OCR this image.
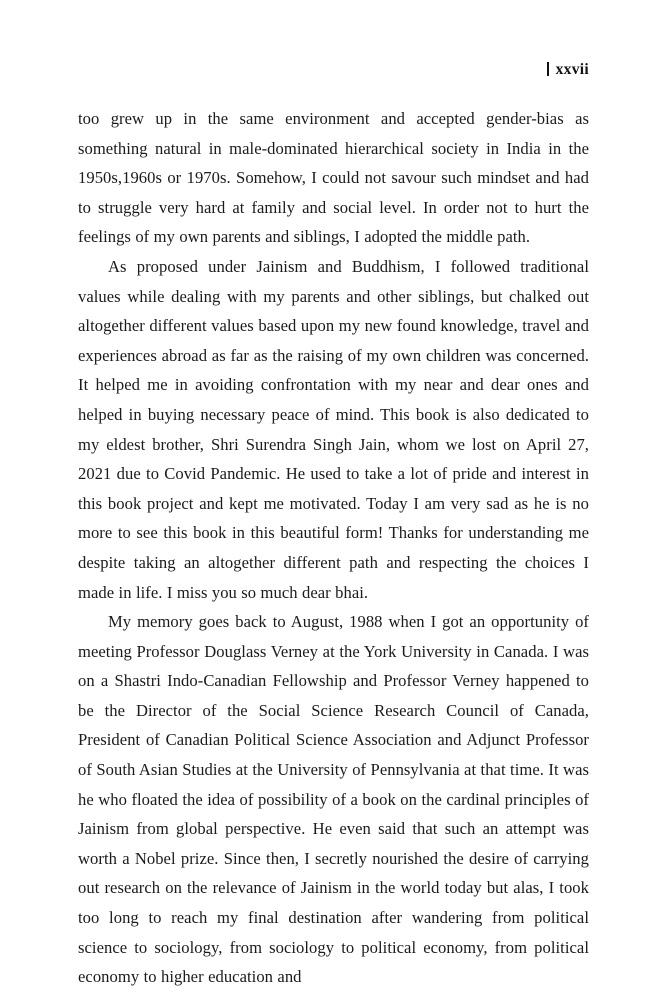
xxvii

too grew up in the same environment and accepted gender-bias as something natural in male-dominated hierarchical society in India in the 1950s,1960s or 1970s. Somehow, I could not savour such mindset and had to struggle very hard at family and social level. In order not to hurt the feelings of my own parents and siblings, I adopted the middle path.

As proposed under Jainism and Buddhism, I followed traditional values while dealing with my parents and other siblings, but chalked out altogether different values based upon my new found knowledge, travel and experiences abroad as far as the raising of my own children was concerned. It helped me in avoiding confrontation with my near and dear ones and helped in buying necessary peace of mind. This book is also dedicated to my eldest brother, Shri Surendra Singh Jain, whom we lost on April 27, 2021 due to Covid Pandemic. He used to take a lot of pride and interest in this book project and kept me motivated. Today I am very sad as he is no more to see this book in this beautiful form! Thanks for understanding me despite taking an altogether different path and respecting the choices I made in life. I miss you so much dear bhai.

My memory goes back to August, 1988 when I got an opportunity of meeting Professor Douglass Verney at the York University in Canada. I was on a Shastri Indo-Canadian Fellowship and Professor Verney happened to be the Director of the Social Science Research Council of Canada, President of Canadian Political Science Association and Adjunct Professor of South Asian Studies at the University of Pennsylvania at that time. It was he who floated the idea of possibility of a book on the cardinal principles of Jainism from global perspective. He even said that such an attempt was worth a Nobel prize. Since then, I secretly nourished the desire of carrying out research on the relevance of Jainism in the world today but alas, I took too long to reach my final destination after wandering from political science to sociology, from sociology to political economy, from political economy to higher education and
